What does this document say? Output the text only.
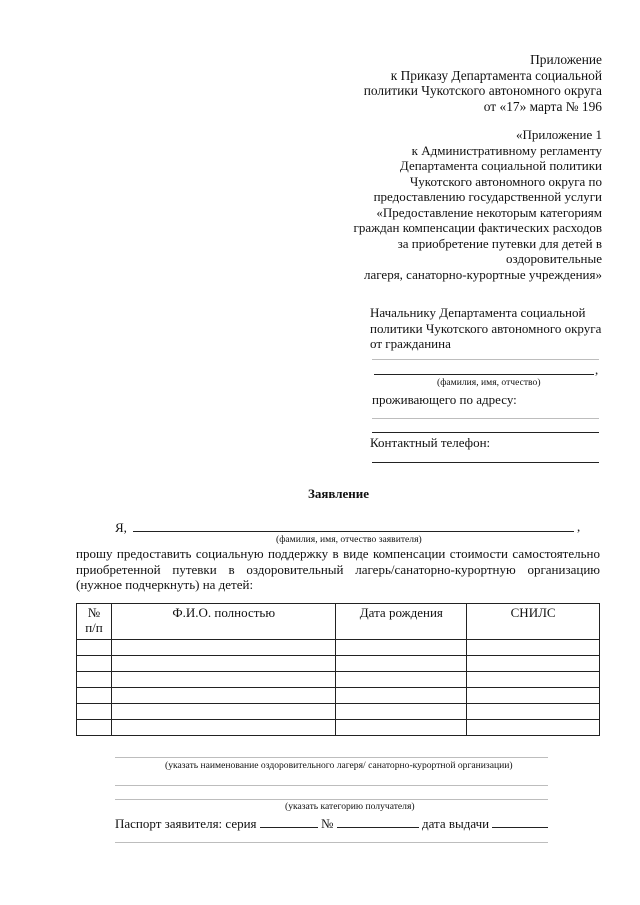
Приложение
к Приказу Департамента социальной
политики Чукотского автономного округа
от «17» марта № 196
«Приложение 1
к Административному регламенту
Департамента социальной политики
Чукотского автономного округа по
предоставлению государственной услуги
«Предоставление некоторым категориям
граждан компенсации фактических расходов
за приобретение путевки для детей в
оздоровительные
лагеря, санаторно-курортные учреждения»
Начальнику Департамента социальной
политики Чукотского автономного округа
от гражданина
,
(фамилия, имя, отчество)
проживающего по адресу:
Контактный телефон:
Заявление
Я,	,
(фамилия, имя, отчество заявителя)
прошу предоставить социальную поддержку в виде компенсации стоимости самостоятельно
приобретенной путевки в оздоровительный лагерь/санаторно-курортную организацию
(нужное подчеркнуть) на детей:
№
п/п	Ф.И.О. полностью	Дата рождения	СНИЛС

(указать наименование оздоровительного лагеря/ санаторно-курортной организации)
(указать категорию получателя)
Паспорт заявителя: серия	№	дата выдачи
